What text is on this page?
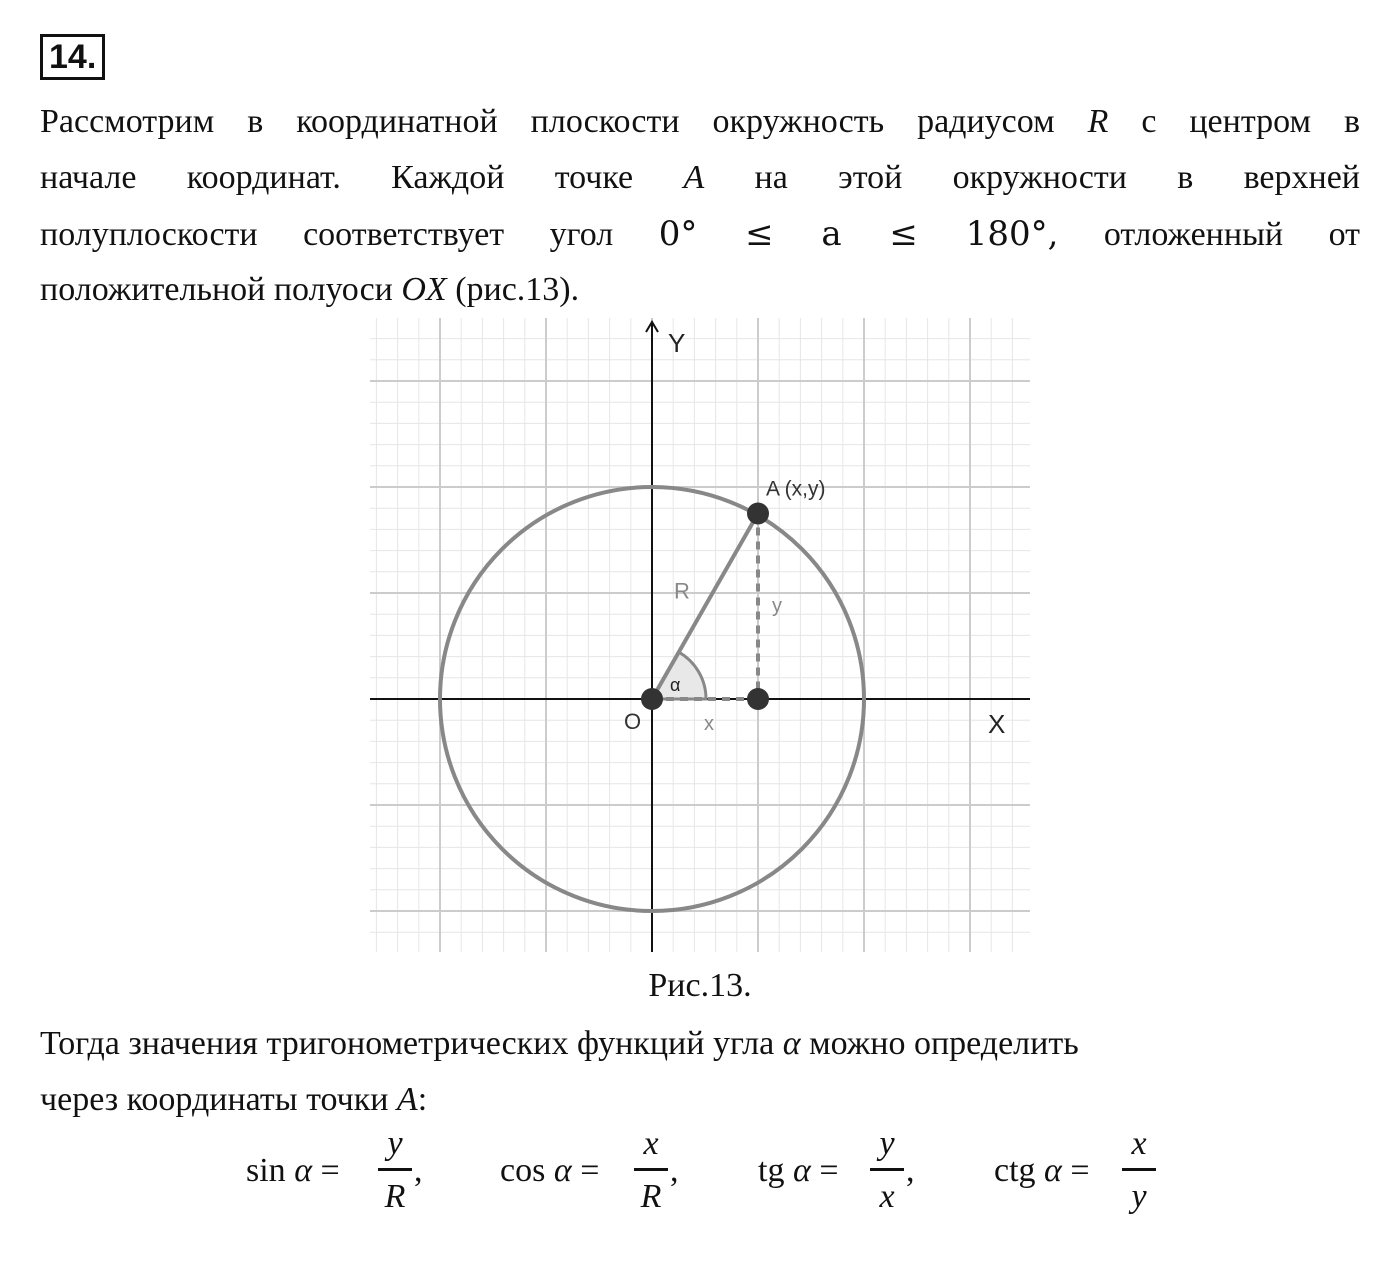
14.
Рассмотрим в координатной плоскости окружность радиусом R с центром в
начале координат. Каждой точке A на этой окружности в верхней
полуплоскости соответствует угол 0° ≤ a ≤ 180°, отложенный от
положительной полуоси OX (рис.13).
Y
X
O
A (x,y)
R
x
y
α
Рис.13.
Тогда значения тригонометрических функций угла α можно определить
через координаты точки A:
sin α =
y
R
, cos α =
x
R
, tg α =
y
x
, ctg α =
x
y
